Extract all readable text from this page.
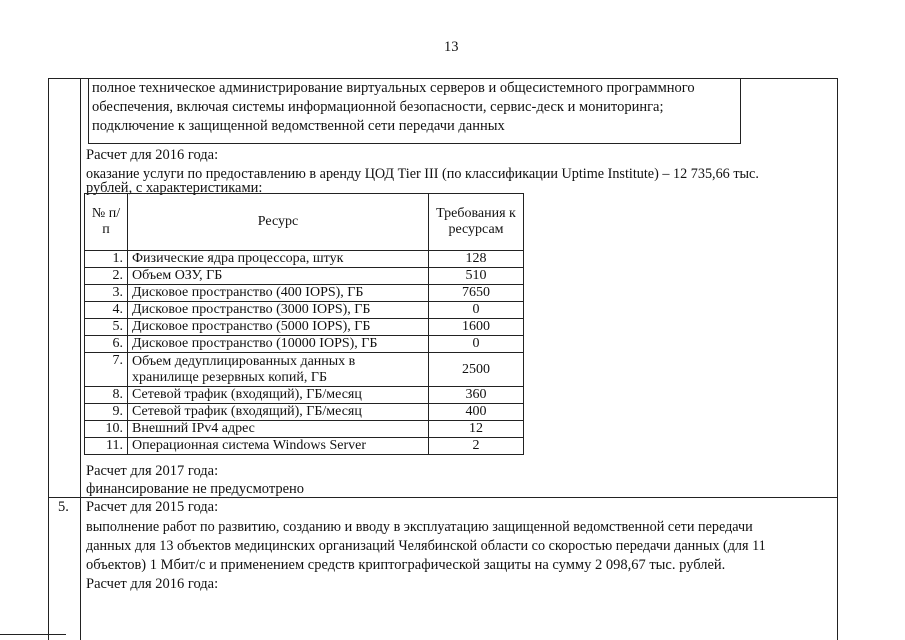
13
полное техническое администрирование виртуальных серверов и общесистемного программного
обеспечения, включая системы информационной безопасности, сервис-деск и мониторинга;
подключение к защищенной ведомственной сети передачи данных
Расчет для 2016 года:
оказание услуги по предоставлению в аренду ЦОД Tier III (по классификации Uptime Institute) – 12 735,66 тыс.
рублей, с характеристиками:
№ п/п	Ресурс	Требования к ресурсам
1.	Физические ядра процессора, штук	128
2.	Объем ОЗУ, ГБ	510
3.	Дисковое пространство (400 IOPS), ГБ	7650
4.	Дисковое пространство (3000 IOPS), ГБ	0
5.	Дисковое пространство (5000 IOPS), ГБ	1600
6.	Дисковое пространство (10000 IOPS), ГБ	0
7.	Объем дедуплицированных данных в хранилище резервных копий, ГБ	2500
8.	Сетевой трафик (входящий), ГБ/месяц	360
9.	Сетевой трафик (входящий), ГБ/месяц	400
10.	Внешний IPv4 адрес	12
11.	Операционная система Windows Server	2
Расчет для 2017 года:
финансирование не предусмотрено
5. Расчет для 2015 года:
выполнение работ по развитию, созданию и вводу в эксплуатацию защищенной ведомственной сети передачи
данных для 13 объектов медицинских организаций Челябинской области со скоростью передачи данных (для 11
объектов) 1 Мбит/с и применением средств криптографической защиты на сумму 2 098,67 тыс. рублей.
Расчет для 2016 года:
